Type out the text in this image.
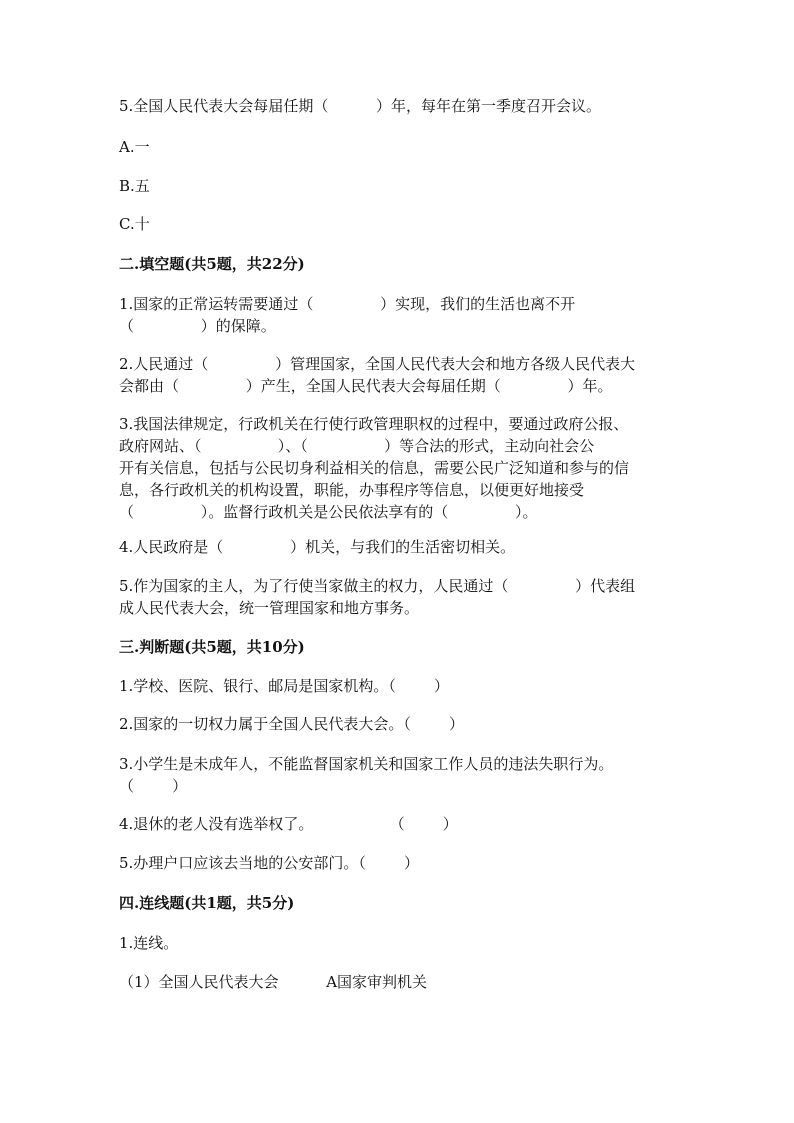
5.全国人民代表大会每届任期（          ）年，每年在第一季度召开会议。
A.一
B.五
C.十
二.填空题(共5题，共22分)
1.国家的正常运转需要通过（              ）实现，我们的生活也离不开
（              ）的保障。
2.人民通过（              ）管理国家，全国人民代表大会和地方各级人民代表大
会都由（              ）产生，全国人民代表大会每届任期（              ）年。
3.我国法律规定，行政机关在行使行政管理职权的过程中，要通过政府公报、
政府网站、（                ）、（                ）等合法的形式，主动向社会公
开有关信息，包括与公民切身利益相关的信息，需要公民广泛知道和参与的信
息，各行政机关的机构设置，职能，办事程序等信息，以便更好地接受
（              ）。监督行政机关是公民依法享有的（              ）。
4.人民政府是（              ）机关，与我们的生活密切相关。
5.作为国家的主人，为了行使当家做主的权力，人民通过（              ）代表组
成人民代表大会，统一管理国家和地方事务。
三.判断题(共5题，共10分)
1.学校、医院、银行、邮局是国家机构。（        ）
2.国家的一切权力属于全国人民代表大会。（        ）
3.小学生是未成年人，不能监督国家机关和国家工作人员的违法失职行为。
（        ）
4.退休的老人没有选举权了。                （        ）
5.办理户口应该去当地的公安部门。（        ）
四.连线题(共1题，共5分)
1.连线。
（1）全国人民代表大会          A国家审判机关
